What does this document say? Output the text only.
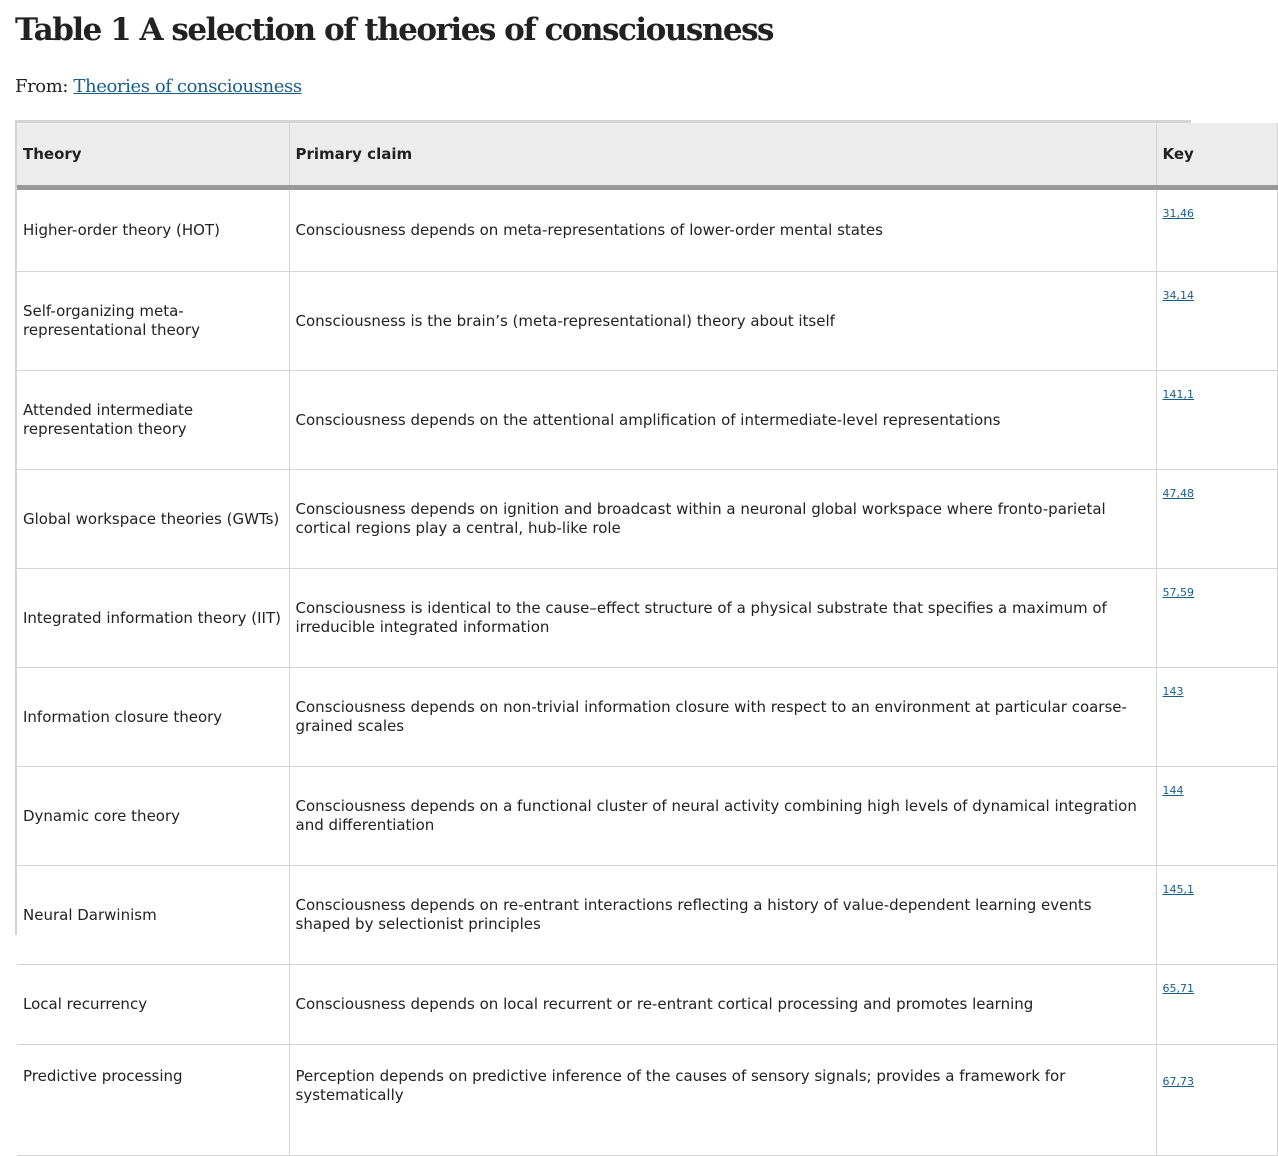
Table 1 A selection of theories of consciousness
From: Theories of consciousness
Theory	Primary claim	Key
Higher-order theory (HOT)	Consciousness depends on meta-representations of lower-order mental states	31,46
Self-organizing meta-representational theory	Consciousness is the brain’s (meta-representational) theory about itself	34,14
Attended intermediate representation theory	Consciousness depends on the attentional amplification of intermediate-level representations	141,1
Global workspace theories (GWTs)	Consciousness depends on ignition and broadcast within a neuronal global workspace where fronto-parietal cortical regions play a central, hub-like role	47,48
Integrated information theory (IIT)	Consciousness is identical to the cause–effect structure of a physical substrate that specifies a maximum of irreducible integrated information	57,59
Information closure theory	Consciousness depends on non-trivial information closure with respect to an environment at particular coarse-grained scales	143
Dynamic core theory	Consciousness depends on a functional cluster of neural activity combining high levels of dynamical integration and differentiation	144
Neural Darwinism	Consciousness depends on re-entrant interactions reflecting a history of value-dependent learning events shaped by selectionist principles	145,1
Local recurrency	Consciousness depends on local recurrent or re-entrant cortical processing and promotes learning	65,71
Predictive processing	Perception depends on predictive inference of the causes of sensory signals; provides a framework for systematically	67,73
